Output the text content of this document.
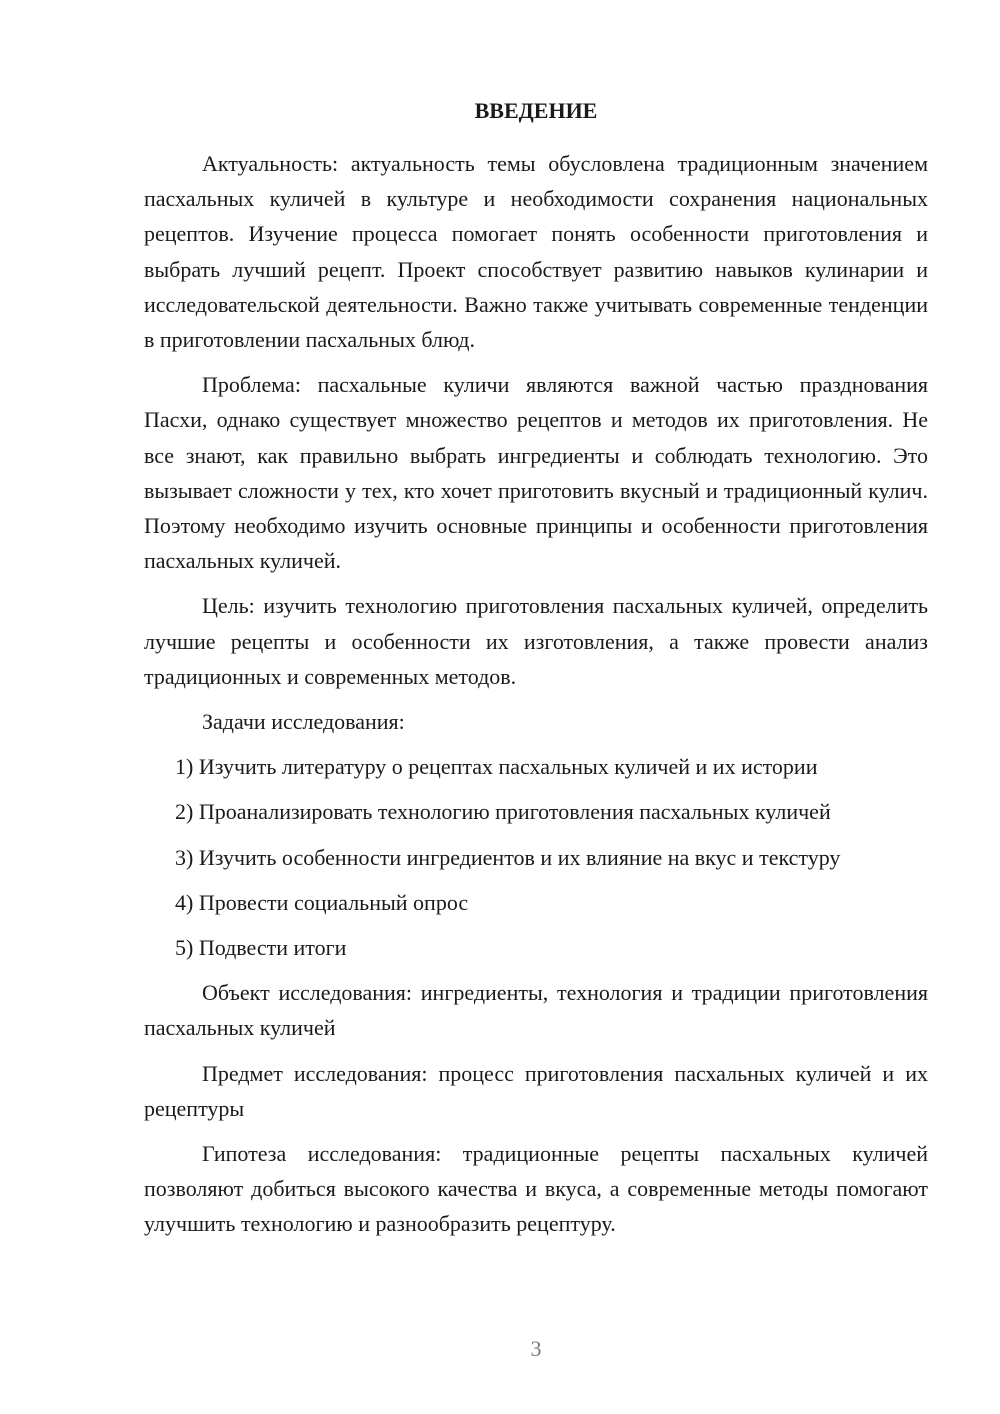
ВВЕДЕНИЕ

Актуальность: актуальность темы обусловлена традиционным значением пасхальных куличей в культуре и необходимости сохранения национальных рецептов. Изучение процесса помогает понять особенности приготовления и выбрать лучший рецепт. Проект способствует развитию навыков кулинарии и исследовательской деятельности. Важно также учитывать современные тенденции в приготовлении пасхальных блюд.

Проблема: пасхальные куличи являются важной частью празднования Пасхи, однако существует множество рецептов и методов их приготовления. Не все знают, как правильно выбрать ингредиенты и соблюдать технологию. Это вызывает сложности у тех, кто хочет приготовить вкусный и традиционный кулич. Поэтому необходимо изучить основные принципы и особенности приготовления пасхальных куличей.

Цель: изучить технологию приготовления пасхальных куличей, определить лучшие рецепты и особенности их изготовления, а также провести анализ традиционных и современных методов.

Задачи исследования:

1) Изучить литературу о рецептах пасхальных куличей и их истории
2) Проанализировать технологию приготовления пасхальных куличей
3) Изучить особенности ингредиентов и их влияние на вкус и текстуру
4) Провести социальный опрос
5) Подвести итоги

Объект исследования: ингредиенты, технология и традиции приготовления пасхальных куличей

Предмет исследования: процесс приготовления пасхальных куличей и их рецептуры

Гипотеза исследования: традиционные рецепты пасхальных куличей позволяют добиться высокого качества и вкуса, а современные методы помогают улучшить технологию и разнообразить рецептуру.

3
